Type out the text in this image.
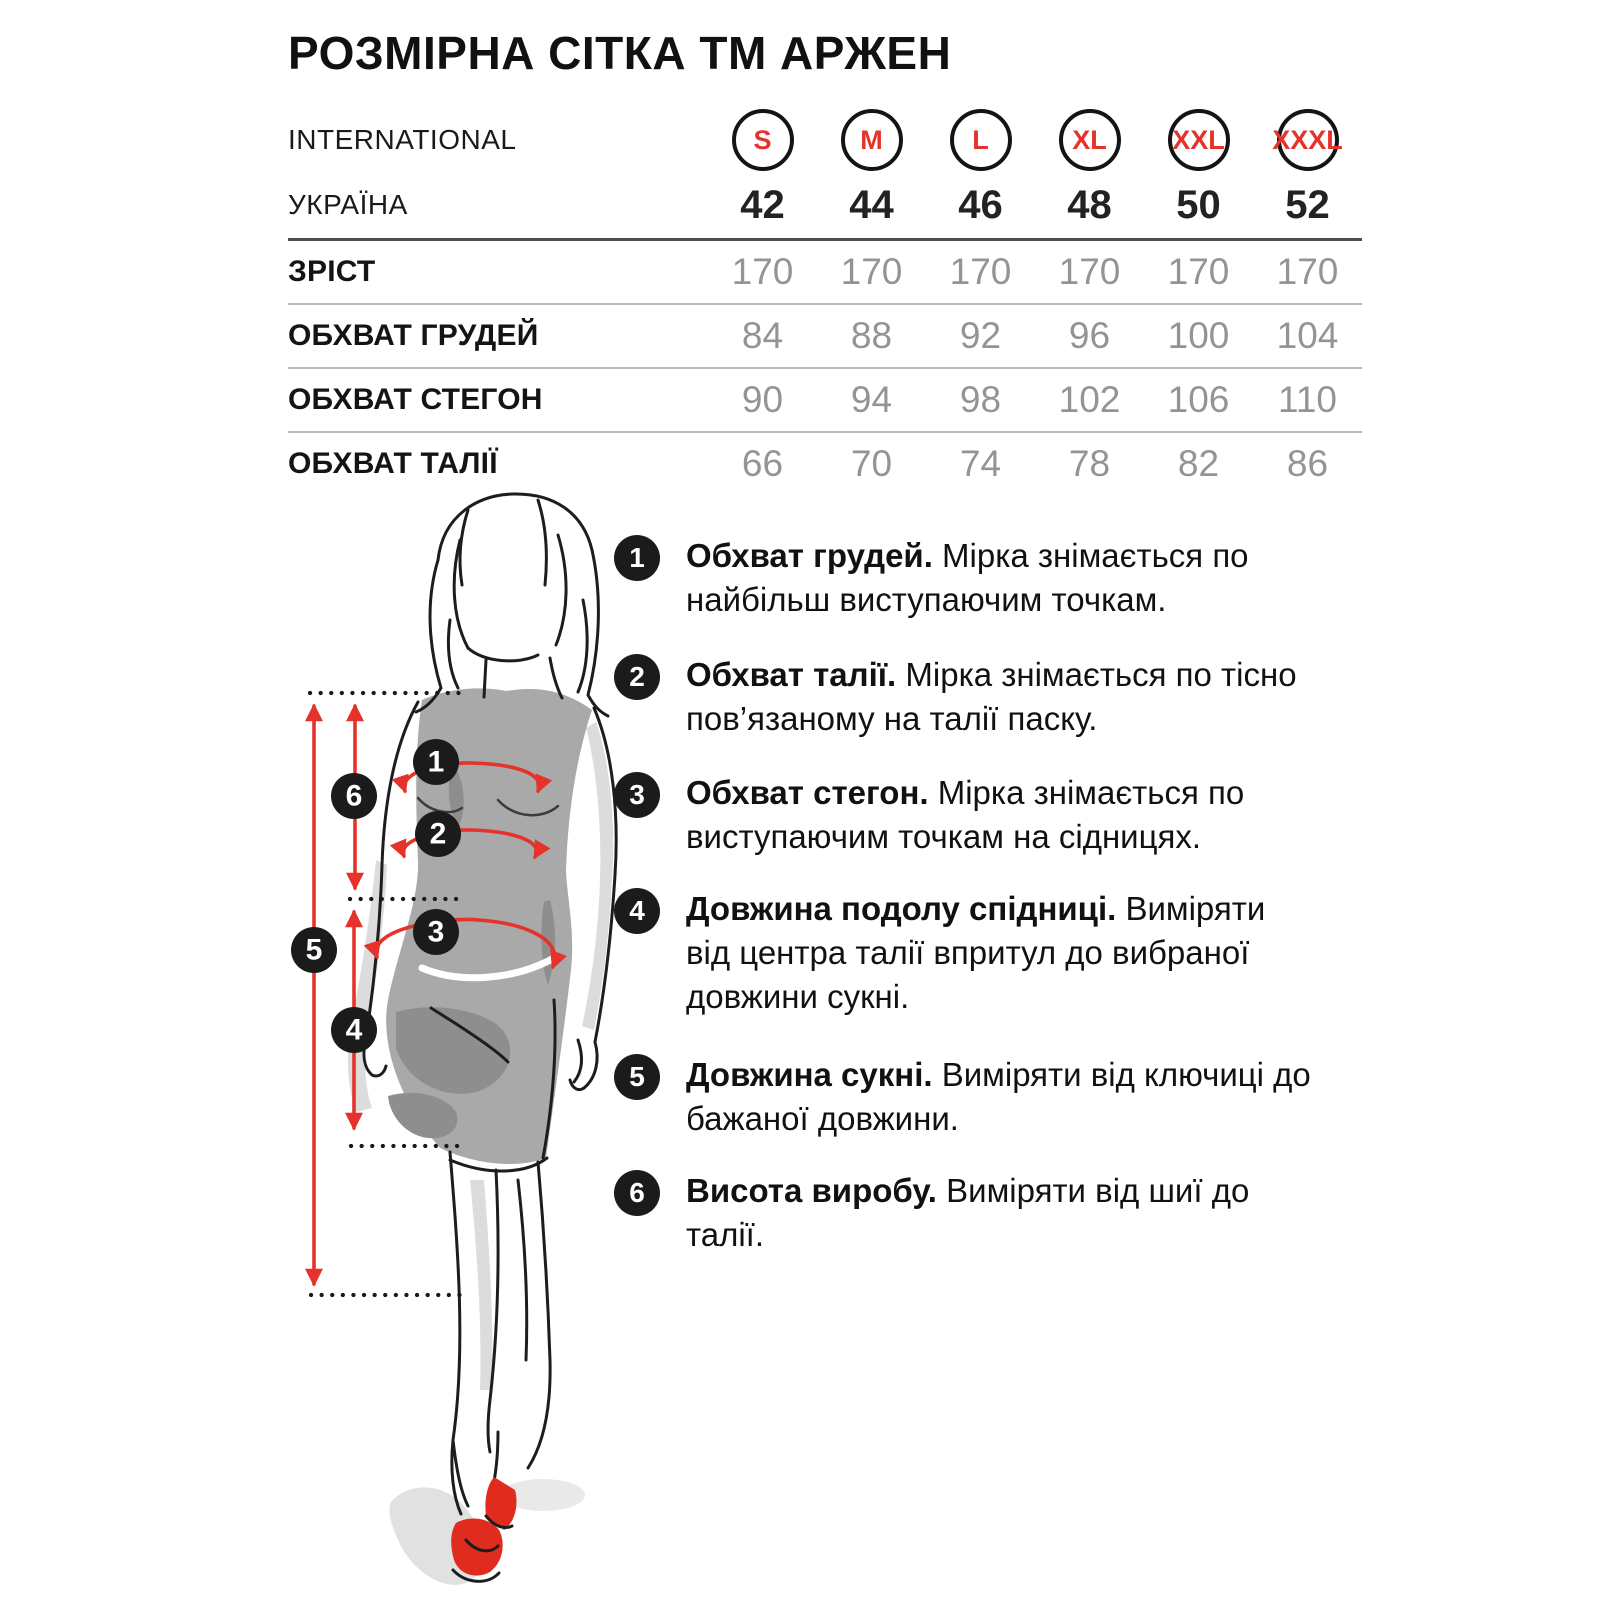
РОЗМІРНА СІТКА ТМ АРЖЕН
INTERNATIONAL	S	M	L	XL XXL XXXL
УКРАЇНА	42	44	46	48	50	52
ЗРІСТ	170	170	170	170	170	170
ОБХВАТ ГРУДЕЙ	84	88	92	96	100	104
ОБХВАТ СТЕГОН	90	94	98	102	106	110
ОБХВАТ ТАЛІЇ	66	70	74	78	82	86
1
2
3
6
5
4
1 Обхват грудей. Мірка знімається по найбільш виступаючим точкам.

2 Обхват талії. Мірка знімається по тісно пов’язаному на талії паску.

3 Обхват стегон. Мірка знімається по виступаючим точкам на сідницях.

4 Довжина подолу спідниці. Виміряти від центра талії впритул до вибраної довжини сукні.

5 Довжина сукні. Виміряти від ключиці до бажаної довжини.

6 Висота виробу. Виміряти від шиї до талії.
